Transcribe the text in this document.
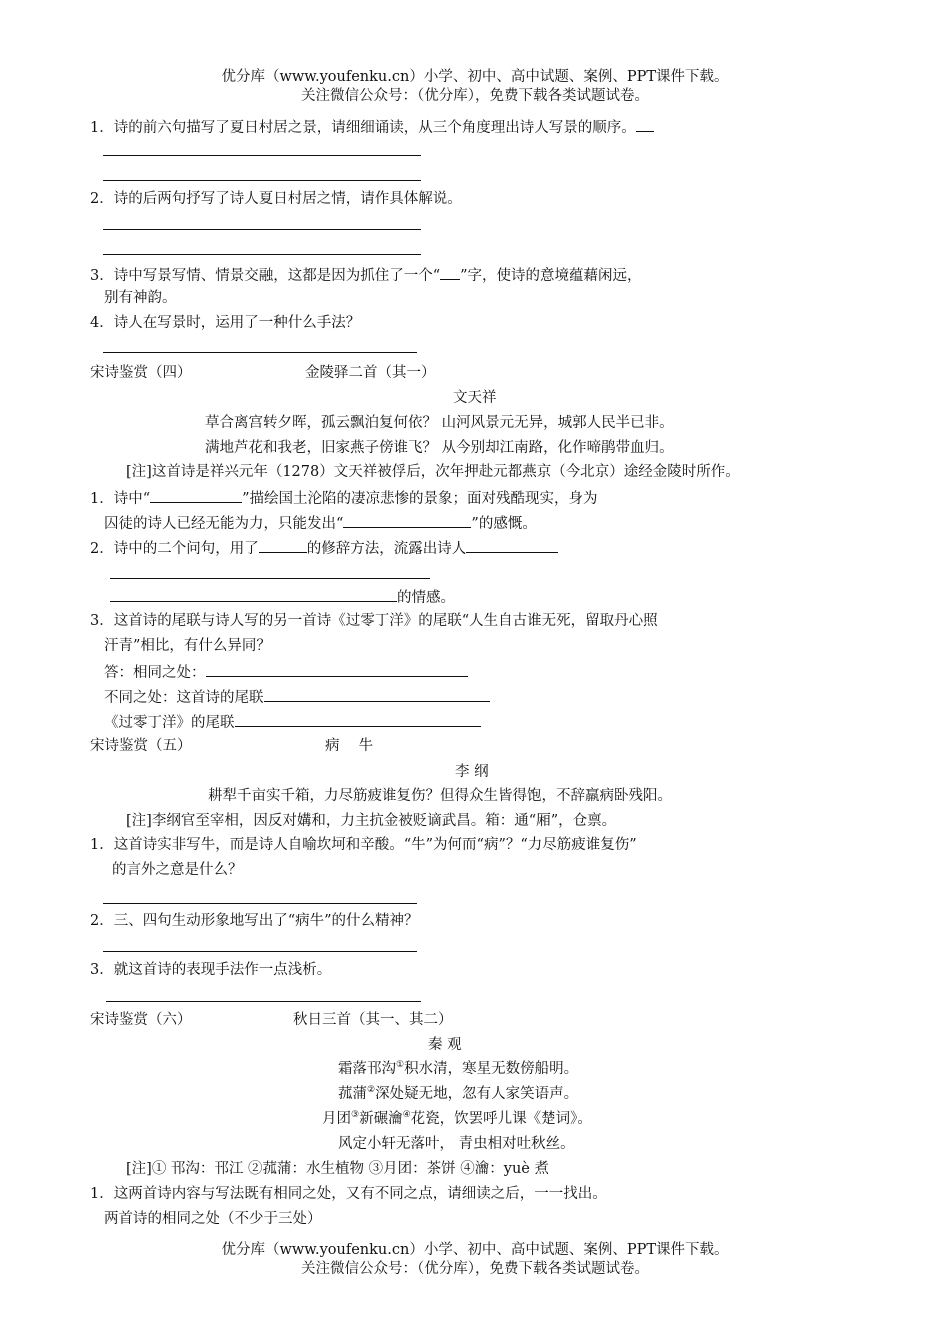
优分库（www.youfenku.cn）小学、初中、高中试题、案例、PPT课件下载。
关注微信公众号：（优分库），免费下载各类试题试卷。
1．诗的前六句描写了夏日村居之景，请细细诵读，从三个角度理出诗人写景的顺序。
2．诗的后两句抒写了诗人夏日村居之情，请作具体解说。
3．诗中写景写情、情景交融，这都是因为抓住了一个“ ”字，使诗的意境蕴藉闲远，
别有神韵。
4．诗人在写景时，运用了一种什么手法？
宋诗鉴赏（四）	金陵驿二首（其一）
文天祥
草合离宫转夕晖，孤云飘泊复何依？ 山河风景元无异，城郭人民半已非。
满地芦花和我老，旧家燕子傍谁飞？ 从今别却江南路，化作啼鹃带血归。
[注]这首诗是祥兴元年（1278）文天祥被俘后，次年押赴元都燕京（今北京）途经金陵时所作。
1．诗中“	”描绘国土沦陷的凄凉悲惨的景象；面对残酷现实，身为
囚徒的诗人已经无能为力，只能发出“	”的感慨。
2．诗中的二个问句，用了	的修辞方法，流露出诗人
的情感。
3．这首诗的尾联与诗人写的另一首诗《过零丁洋》的尾联“人生自古谁无死，留取丹心照
汗青”相比，有什么异同？
答：相同之处：
不同之处：这首诗的尾联
《过零丁洋》的尾联
宋诗鉴赏（五）	病　 牛
李 纲
耕犁千亩实千箱，力尽筋疲谁复伤？但得众生皆得饱，不辞羸病卧残阳。
[注]李纲官至宰相，因反对媾和，力主抗金被贬谪武昌。箱：通“厢”，仓禀。
1．这首诗实非写牛，而是诗人自喻坎坷和辛酸。“牛”为何而“病”？“力尽筋疲谁复伤”
的言外之意是什么？
2．三、四句生动形象地写出了“病牛”的什么精神？
3．就这首诗的表现手法作一点浅析。
宋诗鉴赏（六）	秋日三首（其一、其二）
秦 观
霜落邗沟①积水清，寒星无数傍船明。
菰蒲②深处疑无地，忽有人家笑语声。
月团③新碾瀹④花瓷，饮罢呼儿课《楚词》。
风定小轩无落叶， 青虫相对吐秋丝。
[注]① 邗沟：邗江 ②菰蒲：水生植物 ③月团：茶饼 ④瀹：yuè 煮
1．这两首诗内容与写法既有相同之处，又有不同之点，请细读之后，一一找出。
两首诗的相同之处（不少于三处）
优分库（www.youfenku.cn）小学、初中、高中试题、案例、PPT课件下载。
关注微信公众号：（优分库），免费下载各类试题试卷。
